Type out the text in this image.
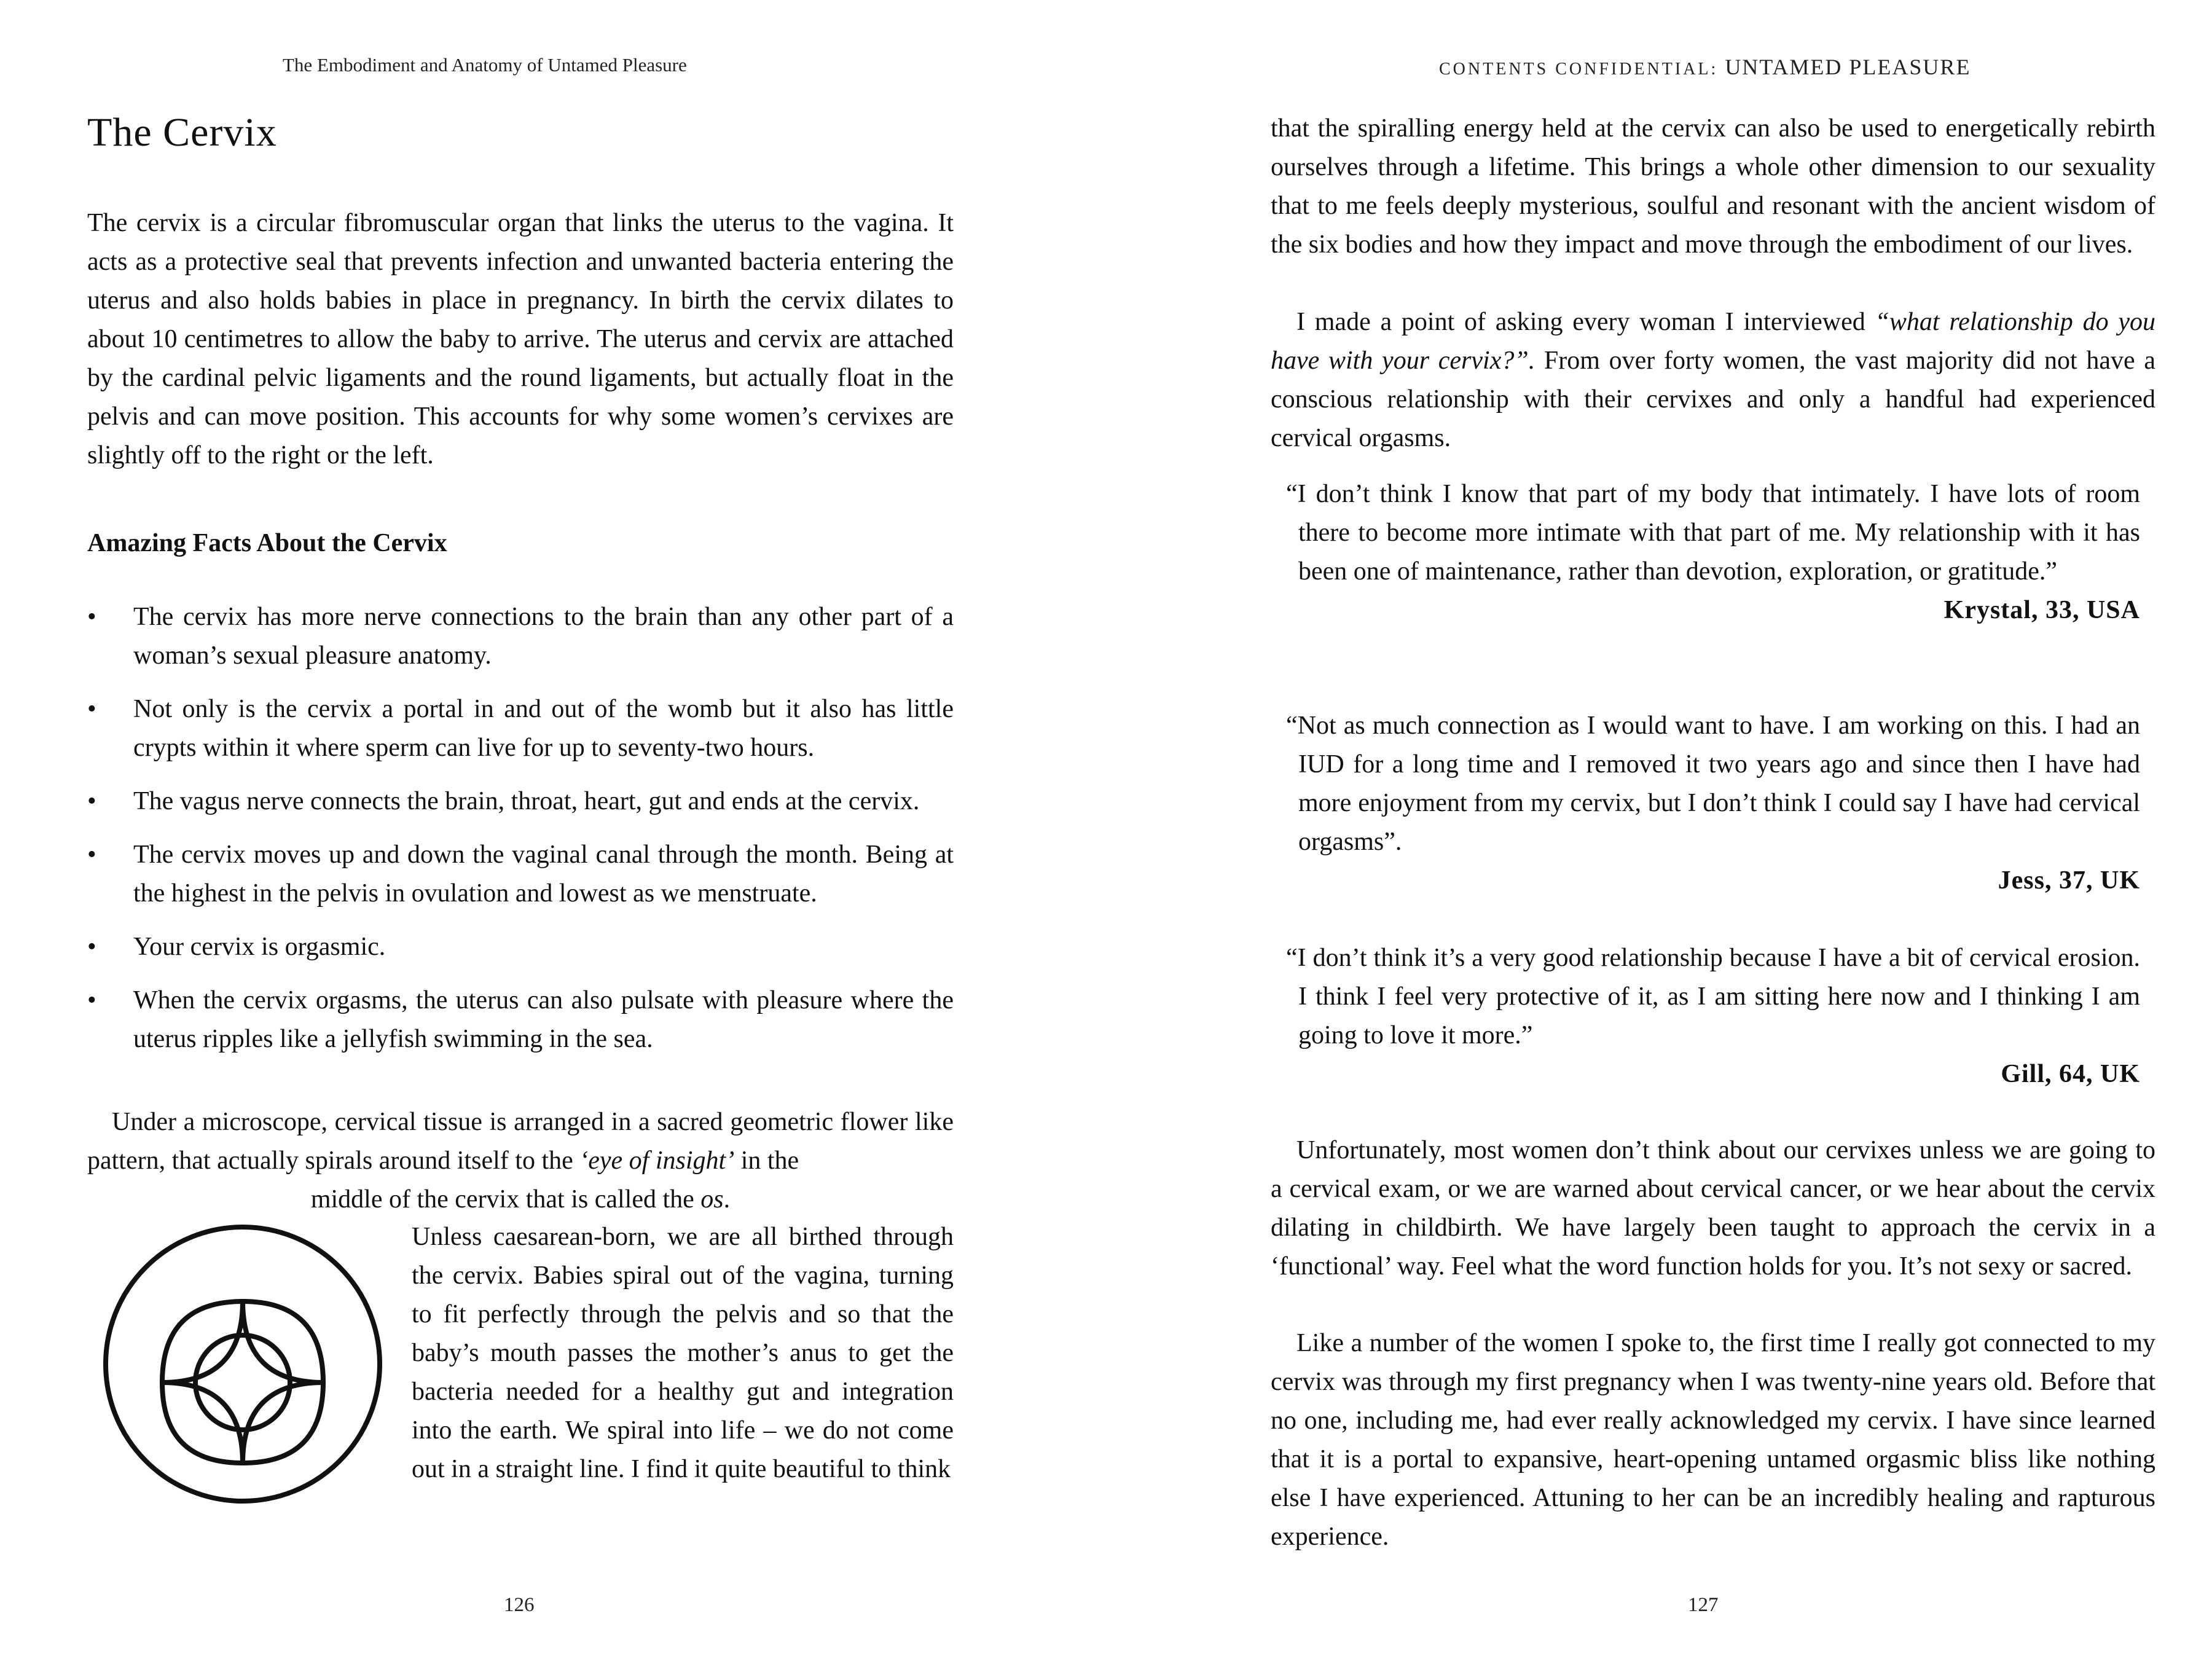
The Embodiment and Anatomy of Untamed Pleasure
The Cervix

The cervix is a circular fibromuscular organ that links the uterus to the vagina. It acts as a protective seal that prevents infection and unwanted bacteria entering the uterus and also holds babies in place in pregnancy. In birth the cervix dilates to about 10 centimetres to allow the baby to arrive. The uterus and cervix are attached by the cardinal pelvic ligaments and the round ligaments, but actually float in the pelvis and can move position. This accounts for why some women’s cervixes are slightly off to the right or the left.

Amazing Facts About the Cervix
•	The cervix has more nerve connections to the brain than any other part of a woman’s sexual pleasure anatomy.
•	Not only is the cervix a portal in and out of the womb but it also has little crypts within it where sperm can live for up to seventy-two hours.
•	The vagus nerve connects the brain, throat, heart, gut and ends at the cervix.
•	The cervix moves up and down the vaginal canal through the month. Being at the highest in the pelvis in ovulation and lowest as we menstruate.
•	Your cervix is orgasmic.
•	When the cervix orgasms, the uterus can also pulsate with pleasure where the uterus ripples like a jellyfish swimming in the sea.

Under a microscope, cervical tissue is arranged in a sacred geometric flower like pattern, that actually spirals around itself to the ‘eye of insight’ in the

middle of the cervix that is called the os.

Unless caesarean-born, we are all birthed through the cervix. Babies spiral out of the vagina, turning to fit perfectly through the pelvis and so that the baby’s mouth passes the mother’s anus to get the bacteria needed for a healthy gut and integration into the earth. We spiral into life – we do not come out in a straight line. I find it quite beautiful to think

126
CONTENTS CONFIDENTIAL: UNTAMED PLEASURE

that the spiralling energy held at the cervix can also be used to energetically rebirth ourselves through a lifetime. This brings a whole other dimension to our sexuality that to me feels deeply mysterious, soulful and resonant with the ancient wisdom of the six bodies and how they impact and move through the embodiment of our lives.

I made a point of asking every woman I interviewed “what relationship do you have with your cervix?”. From over forty women, the vast majority did not have a conscious relationship with their cervixes and only a handful had experienced cervical orgasms.

“I don’t think I know that part of my body that intimately. I have lots of room there to become more intimate with that part of me. My relationship with it has been one of maintenance, rather than devotion, exploration, or gratitude.”

Krystal, 33, USA

“Not as much connection as I would want to have. I am working on this. I had an IUD for a long time and I removed it two years ago and since then I have had more enjoyment from my cervix, but I don’t think I could say I have had cervical orgasms”.

Jess, 37, UK

“I don’t think it’s a very good relationship because I have a bit of cervical erosion. I think I feel very protective of it, as I am sitting here now and I thinking I am going to love it more.”

Gill, 64, UK

Unfortunately, most women don’t think about our cervixes unless we are going to a cervical exam, or we are warned about cervical cancer, or we hear about the cervix dilating in childbirth. We have largely been taught to approach the cervix in a ‘functional’ way. Feel what the word function holds for you. It’s not sexy or sacred.

Like a number of the women I spoke to, the first time I really got connected to my cervix was through my first pregnancy when I was twenty-nine years old. Before that no one, including me, had ever really acknowledged my cervix. I have since learned that it is a portal to expansive, heart-opening untamed orgasmic bliss like nothing else I have experienced. Attuning to her can be an incredibly healing and rapturous experience.

127
